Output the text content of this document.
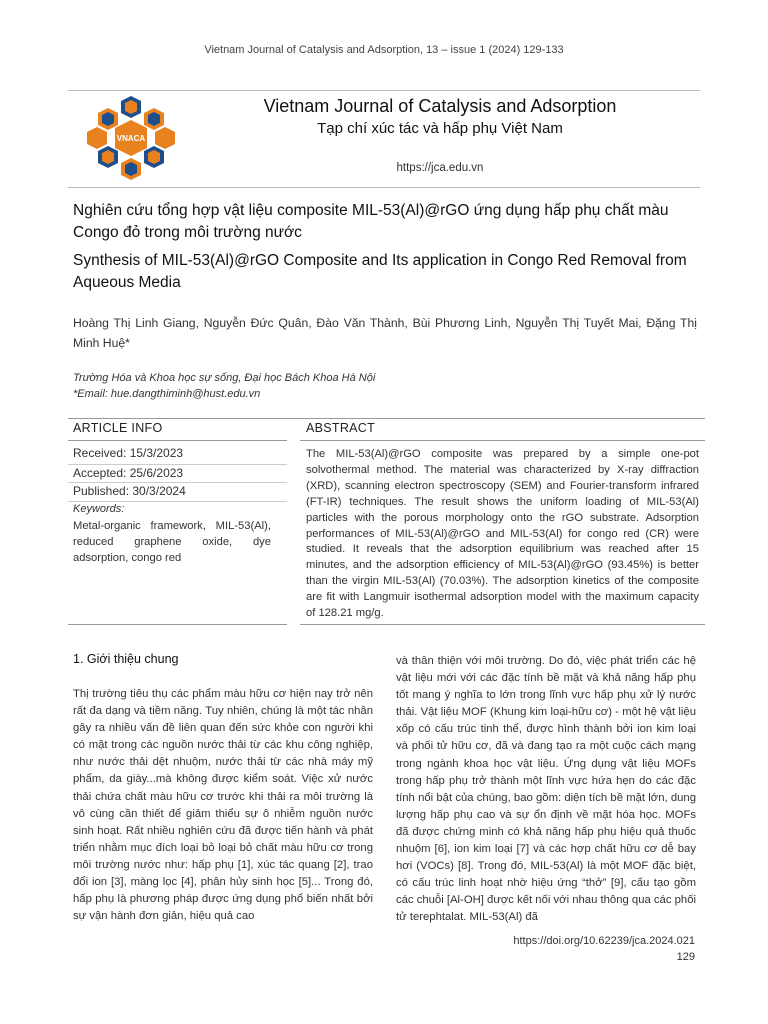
Vietnam Journal of Catalysis and Adsorption, 13 – issue 1 (2024) 129-133
VNACA
Vietnam Journal of Catalysis and Adsorption
Tạp chí xúc tác và hấp phụ Việt Nam
https://jca.edu.vn
Nghiên cứu tổng hợp vật liệu composite MIL-53(Al)@rGO ứng dụng hấp phụ chất màu Congo đỏ trong môi trường nước
Synthesis of MIL-53(Al)@rGO Composite and Its application in Congo Red Removal from Aqueous Media
Hoàng Thị Linh Giang, Nguyễn Đức Quân, Đào Văn Thành, Bùi Phương Linh, Nguyễn Thị Tuyết Mai, Đặng Thị Minh Huệ*
Trường Hóa và Khoa học sự sống, Đại học Bách Khoa Hà Nội
*Email: hue.dangthiminh@hust.edu.vn
ARTICLE INFO	ABSTRACT
Received: 15/3/2023
Accepted: 25/6/2023
Published: 30/3/2024
Keywords:
Metal-organic framework, MIL-53(Al), reduced graphene oxide, dye adsorption, congo red
The MIL-53(Al)@rGO composite was prepared by a simple one-pot solvothermal method. The material was characterized by X-ray diffraction (XRD), scanning electron spectroscopy (SEM) and Fourier-transform infrared (FT-IR) techniques. The result shows the uniform loading of MIL-53(Al) particles with the porous morphology onto the rGO substrate. Adsorption performances of MIL-53(Al)@rGO and MIL-53(Al) for congo red (CR) were studied. It reveals that the adsorption equilibrium was reached after 15 minutes, and the adsorption efficiency of MIL-53(Al)@rGO (93.45%) is better than the virgin MIL-53(Al) (70.03%). The adsorption kinetics of the composite are fit with Langmuir isothermal adsorption model with the maximum capacity of 128.21 mg/g.
1. Giới thiệu chung
Thị trường tiêu thụ các phẩm màu hữu cơ hiện nay trở nên rất đa dạng và tiềm năng. Tuy nhiên, chúng là một tác nhân gây ra nhiều vấn đề liên quan đến sức khỏe con người khi có mặt trong các nguồn nước thải từ các khu công nghiệp, như nước thải dệt nhuộm, nước thải từ các nhà máy mỹ phẩm, da giày...mà không được kiểm soát. Việc xử nước thải chứa chất màu hữu cơ trước khi thải ra môi trường là vô cùng cần thiết để giảm thiểu sự ô nhiễm nguồn nước sinh hoạt. Rất nhiều nghiên cứu đã được tiến hành và phát triển nhằm mục đích loại bỏ loại bỏ chất màu hữu cơ trong môi trường nước như: hấp phụ [1], xúc tác quang [2], trao đổi ion [3], màng lọc [4], phân hủy sinh học [5]... Trong đó, hấp phụ là phương pháp được ứng dụng phổ biến nhất bởi sự vận hành đơn giản, hiệu quả cao
và thân thiện với môi trường. Do đó, việc phát triển các hệ vật liệu mới với các đặc tính bề mặt và khả năng hấp phụ tốt mang ý nghĩa to lớn trong lĩnh vực hấp phụ xử lý nước thải. Vật liệu MOF (Khung kim loại-hữu cơ) - một hệ vật liệu xốp có cấu trúc tinh thể, được hình thành bởi ion kim loại và phối tử hữu cơ, đã và đang tạo ra một cuộc cách mạng trong ngành khoa học vật liệu. Ứng dụng vật liệu MOFs trong hấp phụ trở thành một lĩnh vực hứa hẹn do các đặc tính nổi bật của chúng, bao gồm: diện tích bề mặt lớn, dung lượng hấp phụ cao và sự ổn định về mặt hóa học. MOFs đã được chứng minh có khả năng hấp phụ hiệu quả thuốc nhuộm [6], ion kim loại [7] và các hợp chất hữu cơ dễ bay hơi (VOCs) [8]. Trong đó, MIL-53(Al) là một MOF đặc biệt, có cấu trúc linh hoạt nhờ hiệu ứng “thở” [9], cấu tạo gồm các chuỗi [Al-OH] được kết nối với nhau thông qua các phối tử terephtalat. MIL-53(Al) đã
https://doi.org/10.62239/jca.2024.021
129
